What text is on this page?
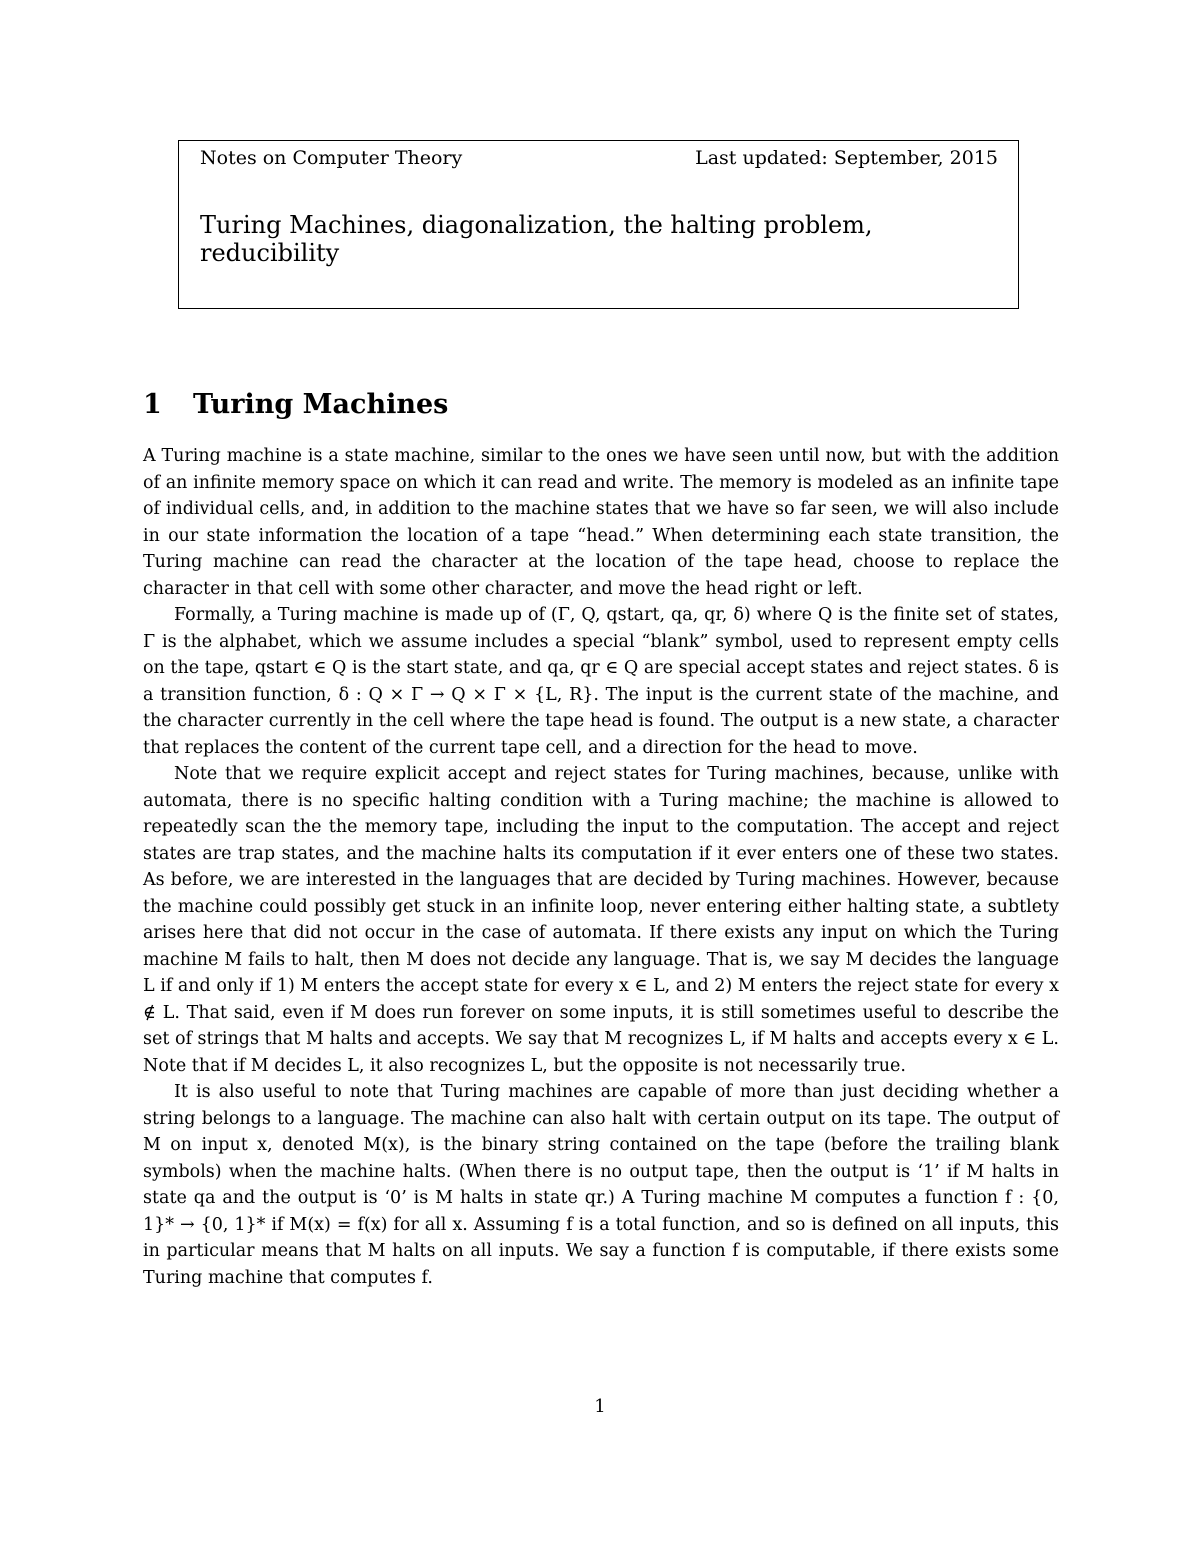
Notes on Computer Theory	Last updated: September, 2015
Turing Machines, diagonalization, the halting problem, reducibility
1 Turing Machines

A Turing machine is a state machine, similar to the ones we have seen until now, but with the addition of an infinite memory space on which it can read and write. The memory is modeled as an infinite tape of individual cells, and, in addition to the machine states that we have so far seen, we will also include in our state information the location of a tape “head.” When determining each state transition, the Turing machine can read the character at the location of the tape head, choose to replace the character in that cell with some other character, and move the head right or left.

Formally, a Turing machine is made up of (Γ, Q, qstart, qa, qr, δ) where Q is the finite set of states, Γ is the alphabet, which we assume includes a special “blank” symbol, used to represent empty cells on the tape, qstart ∈ Q is the start state, and qa, qr ∈ Q are special accept states and reject states. δ is a transition function, δ : Q × Γ → Q × Γ × {L, R}. The input is the current state of the machine, and the character currently in the cell where the tape head is found. The output is a new state, a character that replaces the content of the current tape cell, and a direction for the head to move.

Note that we require explicit accept and reject states for Turing machines, because, unlike with automata, there is no specific halting condition with a Turing machine; the machine is allowed to repeatedly scan the the memory tape, including the input to the computation. The accept and reject states are trap states, and the machine halts its computation if it ever enters one of these two states. As before, we are interested in the languages that are decided by Turing machines. However, because the machine could possibly get stuck in an infinite loop, never entering either halting state, a subtlety arises here that did not occur in the case of automata. If there exists any input on which the Turing machine M fails to halt, then M does not decide any language. That is, we say M decides the language L if and only if 1) M enters the accept state for every x ∈ L, and 2) M enters the reject state for every x ∉ L. That said, even if M does run forever on some inputs, it is still sometimes useful to describe the set of strings that M halts and accepts. We say that M recognizes L, if M halts and accepts every x ∈ L. Note that if M decides L, it also recognizes L, but the opposite is not necessarily true.

It is also useful to note that Turing machines are capable of more than just deciding whether a string belongs to a language. The machine can also halt with certain output on its tape. The output of M on input x, denoted M(x), is the binary string contained on the tape (before the trailing blank symbols) when the machine halts. (When there is no output tape, then the output is ‘1’ if M halts in state qa and the output is ‘0’ is M halts in state qr.) A Turing machine M computes a function f : {0, 1}* → {0, 1}* if M(x) = f(x) for all x. Assuming f is a total function, and so is defined on all inputs, this in particular means that M halts on all inputs. We say a function f is computable, if there exists some Turing machine that computes f.

1
